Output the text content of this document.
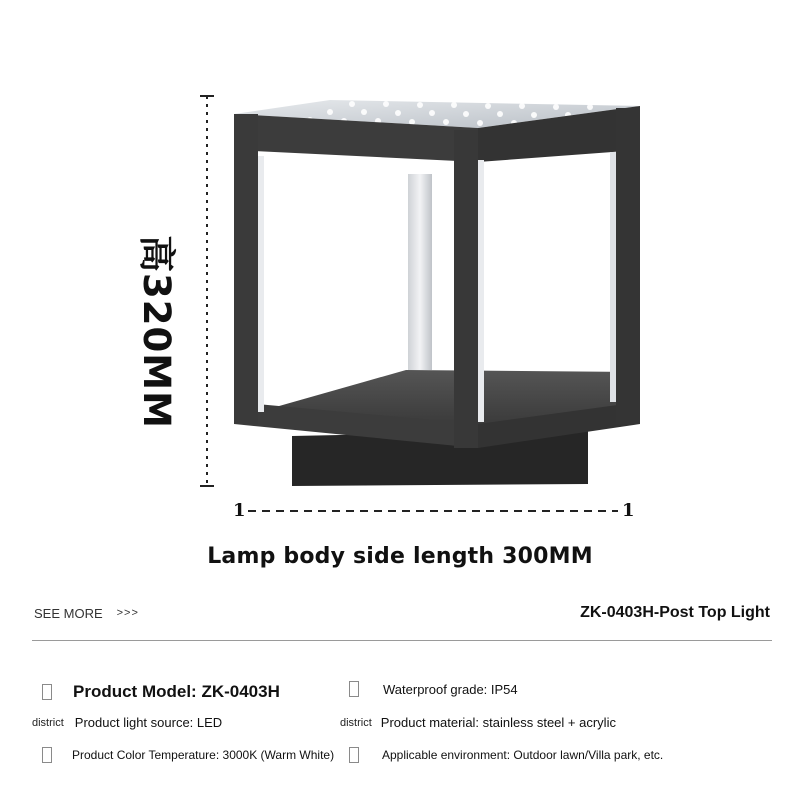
1	1
高320MM
Lamp body side length 300MM
SEE MORE >>>	ZK-0403H-Post Top Light
Product Model: ZK-0403H	Waterproof grade: IP54
district Product light source: LED	district Product material: stainless steel + acrylic
Product Color Temperature: 3000K (Warm White)	Applicable environment: Outdoor lawn/Villa park, etc.
